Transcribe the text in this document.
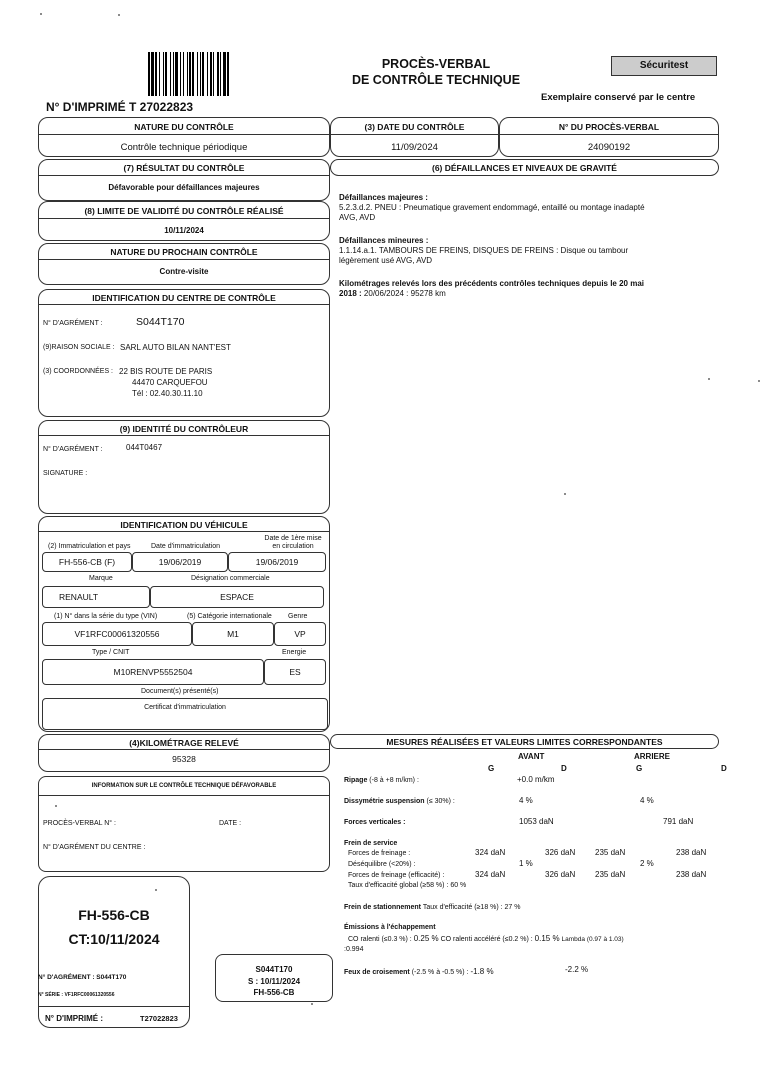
PROCÈS-VERBAL
DE CONTRÔLE TECHNIQUE
Sécuritest
Exemplaire conservé par le centre
N° D'IMPRIMÉ T 27022823
NATURE DU CONTRÔLE
Contrôle technique périodique
(3) DATE DU CONTRÔLE
11/09/2024
N° DU PROCÈS-VERBAL
24090192
(7) RÉSULTAT DU CONTRÔLE
Défavorable pour défaillances majeures
(6) DÉFAILLANCES ET NIVEAUX DE GRAVITÉ
Défaillances majeures :
5.2.3.d.2. PNEU : Pneumatique gravement endommagé, entaillé ou montage inadapté
AVG, AVD
Défaillances mineures :
1.1.14.a.1. TAMBOURS DE FREINS, DISQUES DE FREINS : Disque ou tambour
légèrement usé AVG, AVD
Kilométrages relevés lors des précédents contrôles techniques depuis le 20 mai
2018 : 20/06/2024 : 95278 km
(8) LIMITE DE VALIDITÉ DU CONTRÔLE RÉALISÉ
10/11/2024
NATURE DU PROCHAIN CONTRÔLE
Contre-visite
IDENTIFICATION DU CENTRE DE CONTRÔLE
N° D'AGRÉMENT :	S044T170
(9)RAISON SOCIALE : SARL AUTO BILAN NANT'EST
(3) COORDONNÉES : 22 BIS ROUTE DE PARIS
44470 CARQUEFOU
Tél : 02.40.30.11.10
(9) IDENTITÉ DU CONTRÔLEUR
N° D'AGRÉMENT :	044T0467
SIGNATURE :
IDENTIFICATION DU VÉHICULE
(2) Immatriculation et pays	Date d'immatriculation
Date de 1ère mise
en circulation
FH-556-CB (F)	19/06/2019	19/06/2019
Marque	Désignation commerciale
RENAULT	ESPACE
(1) N° dans la série du type (VIN)	(5) Catégorie internationale Genre
VF1RFC00061320556	M1	VP
Type / CNIT	Energie
M10RENVP5552504	ES
Document(s) présenté(s)
Certificat d'immatriculation
(4)KILOMÉTRAGE RELEVÉ
95328
INFORMATION SUR LE CONTRÔLE TECHNIQUE DÉFAVORABLE
PROCÈS-VERBAL N° :	DATE :
N° D'AGRÉMENT DU CENTRE :
FH-556-CB
CT:10/11/2024
N° D'AGRÉMENT : S044T170
N° SÉRIE : VF1RFC00061320556
N° D'IMPRIMÉ :	T27022823
S044T170
S : 10/11/2024
FH-556-CB
MESURES RÉALISÉES ET VALEURS LIMITES CORRESPONDANTES
AVANT	ARRIERE
G	D	G	D
Ripage (-8 à +8 m/km) :	+0.0 m/km
Dissymétrie suspension (≤ 30%) :	4 %	4 %
Forces verticales :	1053 daN	791 daN
Frein de service
Forces de freinage :	324 daN	326 daN 235 daN	238 daN
Déséquilibre (<20%) :	1 %	2 %
Forces de freinage (efficacité) :	324 daN	326 daN 235 daN	238 daN
Taux d'efficacité global (≥58 %) : 60 %
Frein de stationnement Taux d'efficacité (≥18 %) : 27 %
Émissions à l'échappement
CO ralenti (≤0.3 %) : 0.25 % CO ralenti accéléré (≤0.2 %) : 0.15 % Lambda (0.97 à 1.03)
:0.994
Feux de croisement (-2.5 % à -0.5 %) : -1.8 %	-2.2 %
